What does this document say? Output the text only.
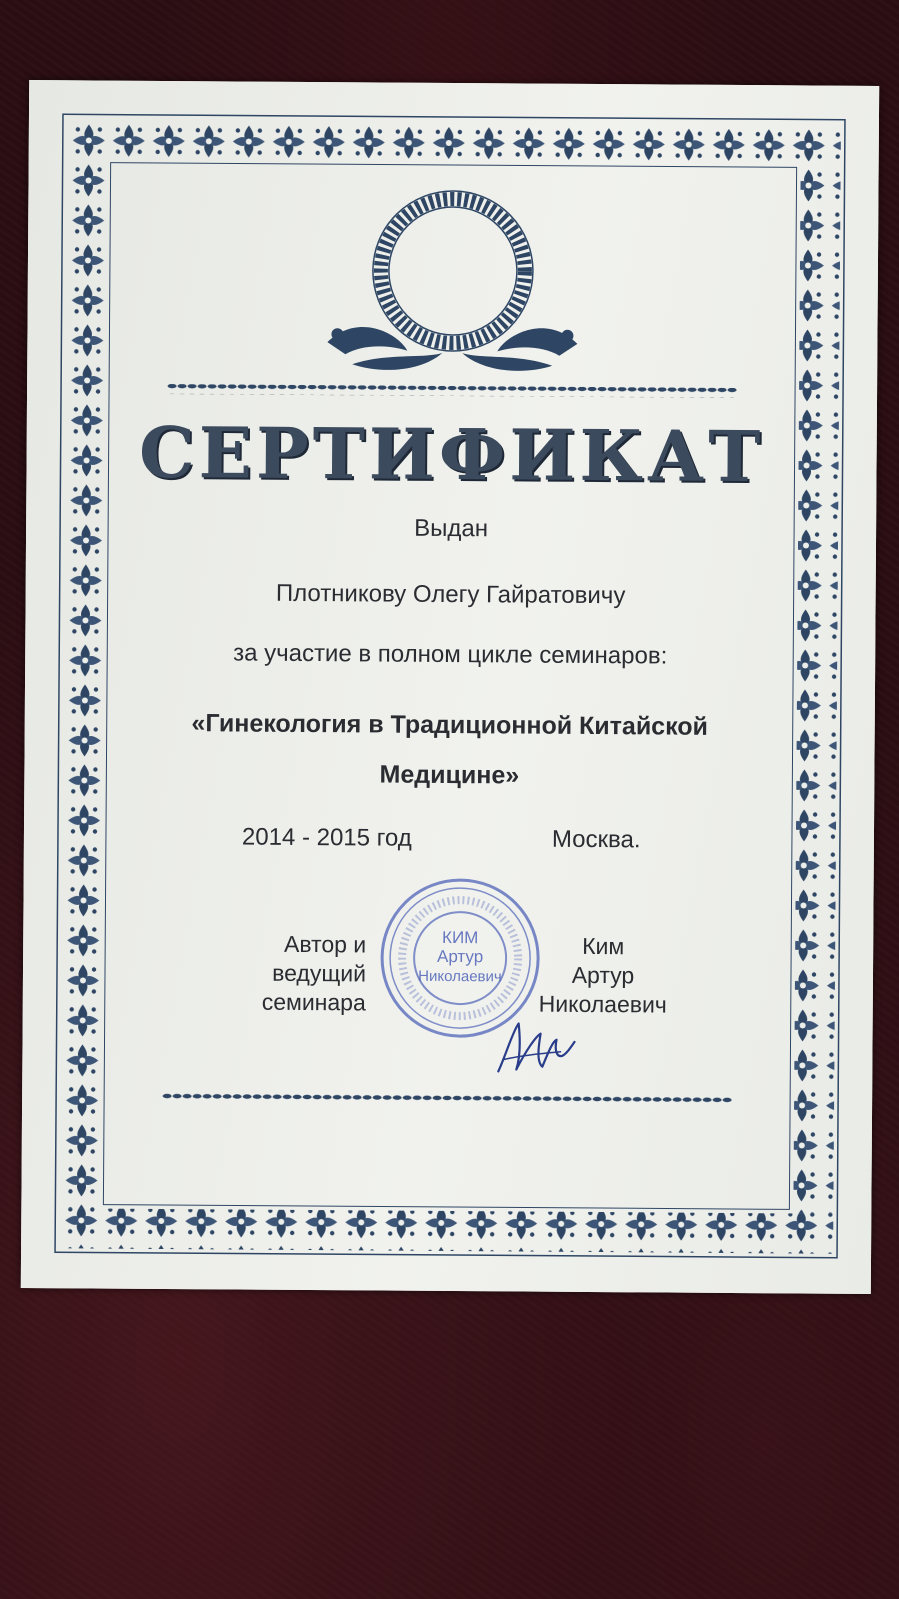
СЕРТИФИКАТ
Выдан
Плотникову Олегу Гайратовичу
за участие в полном цикле семинаров:
«Гинекология в Традиционной Китайской
Медицине»
2014 - 2015 год	Москва.
Автор и
ведущий
семинара
КИМ
Артур
Николаевич
Ким
Артур
Николаевич
